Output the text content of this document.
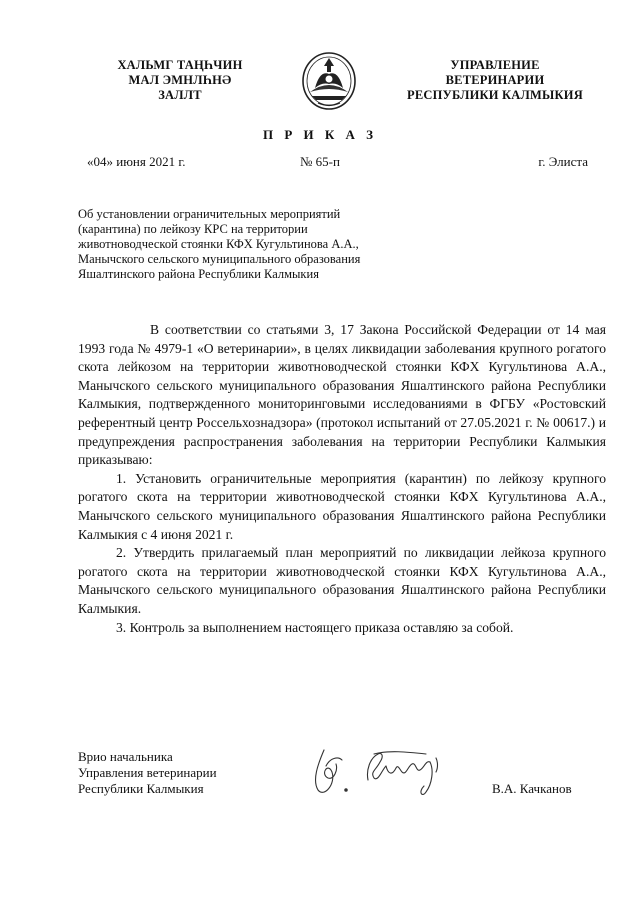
ХАЛЬМГ ТАҢҺЧИН
МАЛ ЭМНЛҺНӘ
ЗАЛЛТ
УПРАВЛЕНИЕ
ВЕТЕРИНАРИИ
РЕСПУБЛИКИ КАЛМЫКИЯ
П Р И К А З
«04» июня 2021 г.	№ 65-п	г. Элиста
Об установлении ограничительных мероприятий
(карантина) по лейкозу КРС на территории
животноводческой стоянки КФХ Кугультинова А.А.,
Манычского сельского муниципального образования
Яшалтинского района Республики Калмыкия

В соответствии со статьями 3, 17 Закона Российской Федерации от 14 мая 1993 года № 4979-1 «О ветеринарии», в целях ликвидации заболевания крупного рогатого скота лейкозом на территории животноводческой стоянки КФХ Кугультинова А.А., Манычского сельского муниципального образования Яшалтинского района Республики Калмыкия, подтвержденного мониторинговыми исследованиями в ФГБУ «Ростовский референтный центр Россельхознадзора» (протокол испытаний от 27.05.2021 г. № 00617.) и предупреждения распространения заболевания на территории Республики Калмыкия приказываю:

1. Установить ограничительные мероприятия (карантин) по лейкозу крупного рогатого скота на территории животноводческой стоянки КФХ Кугультинова А.А., Манычского сельского муниципального образования Яшалтинского района Республики Калмыкия с 4 июня 2021 г.

2. Утвердить прилагаемый план мероприятий по ликвидации лейкоза крупного рогатого скота на территории животноводческой стоянки КФХ Кугультинова А.А., Манычского сельского муниципального образования Яшалтинского района Республики Калмыкия.

3. Контроль за выполнением настоящего приказа оставляю за собой.

Врио начальника
Управления ветеринарии
Республики Калмыкия	В.А. Качканов
